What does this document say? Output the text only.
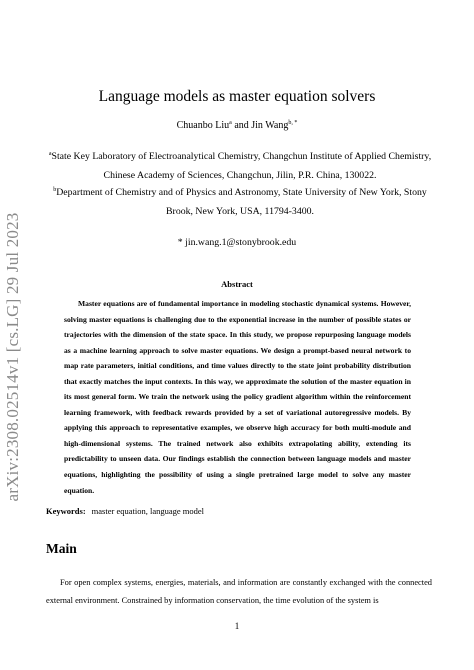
arXiv:2308.02514v1 [cs.LG] 29 Jul 2023
Language models as master equation solvers
Chuanbo Liu$^a$ and Jin Wang$^{b, *}$
$^a$State Key Laboratory of Electroanalytical Chemistry, Changchun Institute of Applied Chemistry, Chinese Academy of Sciences, Changchun, Jilin, P.R. China, 130022.
$^b$Department of Chemistry and of Physics and Astronomy, State University of New York, Stony Brook, New York, USA, 11794-3400.
* jin.wang.1@stonybrook.edu
Abstract
Master equations are of fundamental importance in modeling stochastic dynamical systems. However, solving master equations is challenging due to the exponential increase in the number of possible states or trajectories with the dimension of the state space. In this study, we propose repurposing language models as a machine learning approach to solve master equations. We design a prompt-based neural network to map rate parameters, initial conditions, and time values directly to the state joint probability distribution that exactly matches the input contexts. In this way, we approximate the solution of the master equation in its most general form. We train the network using the policy gradient algorithm within the reinforcement learning framework, with feedback rewards provided by a set of variational autoregressive models. By applying this approach to representative examples, we observe high accuracy for both multi-module and high-dimensional systems. The trained network also exhibits extrapolating ability, extending its predictability to unseen data. Our findings establish the connection between language models and master equations, highlighting the possibility of using a single pretrained large model to solve any master equation.
Keywords: master equation, language model
Main
For open complex systems, energies, materials, and information are constantly exchanged with the connected external environment. Constrained by information conservation, the time evolution of the system is
1
